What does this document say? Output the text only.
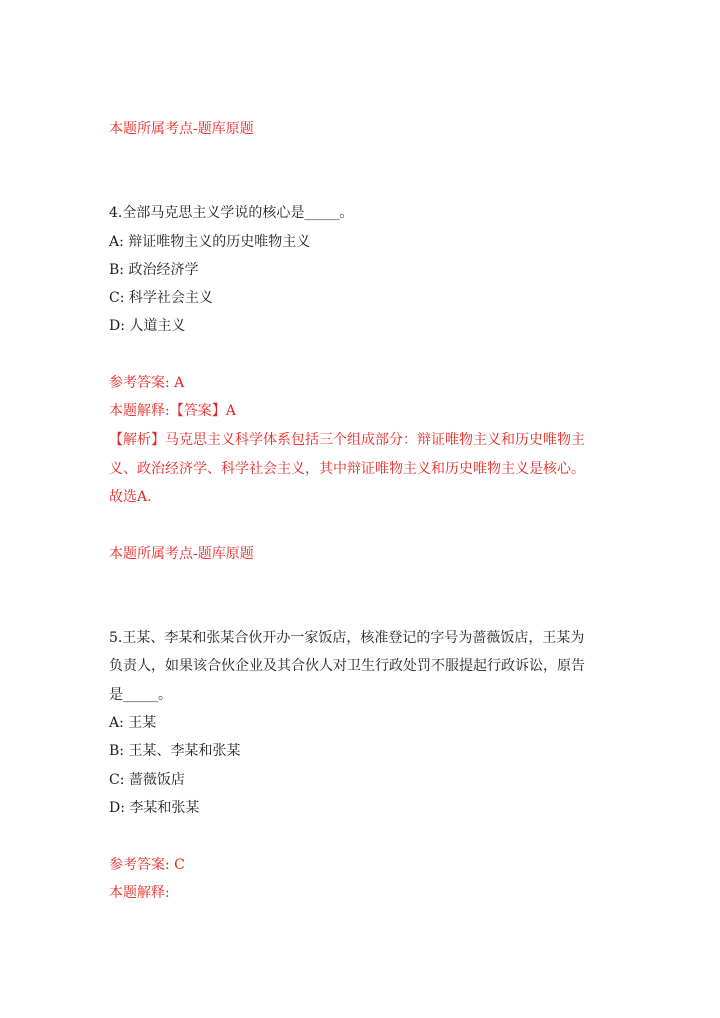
本题所属考点-题库原题
4.全部马克思主义学说的核心是_____。
A: 辩证唯物主义的历史唯物主义
B: 政治经济学
C: 科学社会主义
D: 人道主义
参考答案: A
本题解释:【答案】A
【解析】马克思主义科学体系包括三个组成部分：辩证唯物主义和历史唯物主
义、政治经济学、科学社会主义，其中辩证唯物主义和历史唯物主义是核心。
故选A.
本题所属考点-题库原题
5.王某、李某和张某合伙开办一家饭店，核准登记的字号为蔷薇饭店，王某为
负责人，如果该合伙企业及其合伙人对卫生行政处罚不服提起行政诉讼，原告
是_____。
A: 王某
B: 王某、李某和张某
C: 蔷薇饭店
D: 李某和张某
参考答案: C
本题解释:
